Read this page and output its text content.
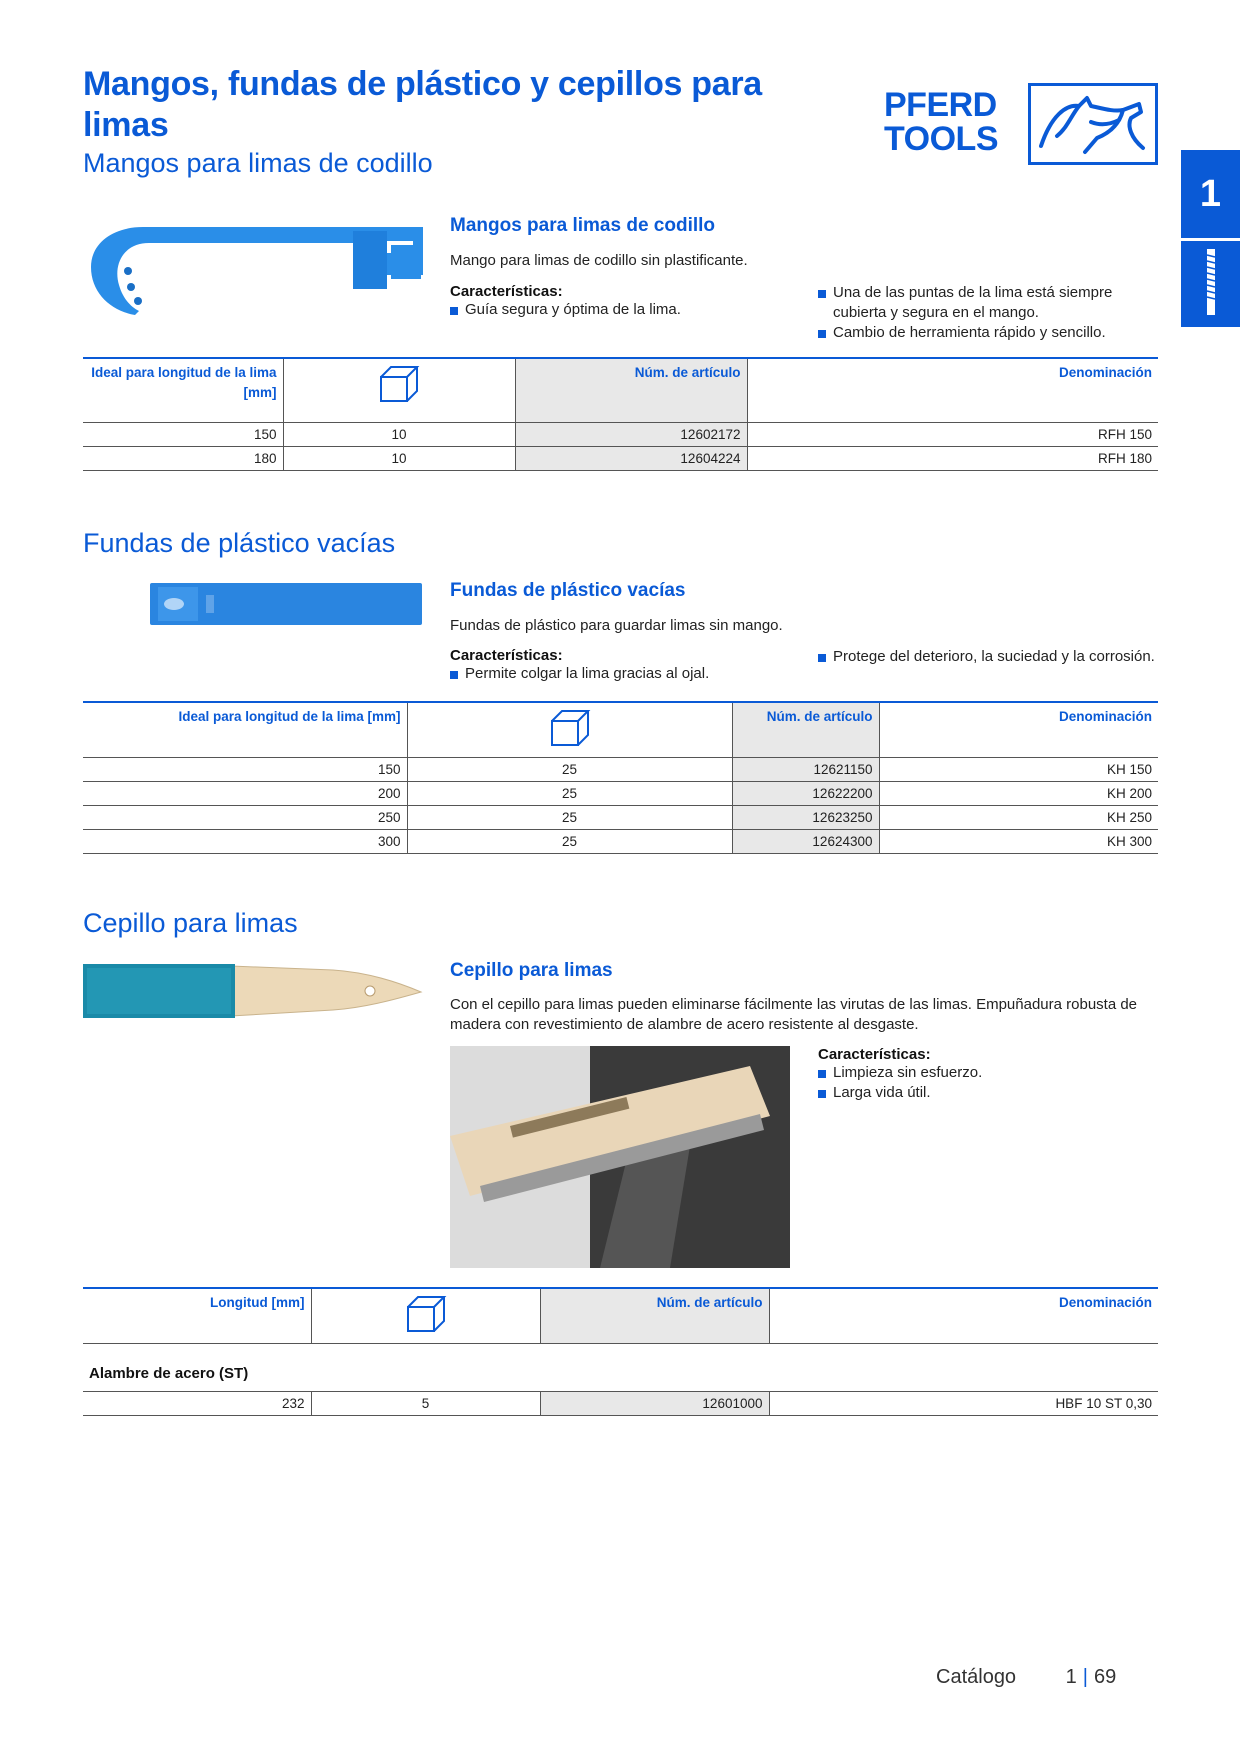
Mangos, fundas de plástico y cepillos para limas
Mangos para limas de codillo
PFERD
TOOLS
1
Mangos para limas de codillo
Mango para limas de codillo sin plastificante.
Características:
Guía segura y óptima de la lima.
Una de las puntas de la lima está siempre cubierta y segura en el mango.
Cambio de herramienta rápido y sencillo.
Ideal para longitud de la lima [mm]		Núm. de artículo	Denominación
150	10	12602172	RFH 150
180	10	12604224	RFH 180
Fundas de plástico vacías
Fundas de plástico vacías
Fundas de plástico para guardar limas sin mango.
Características:
Permite colgar la lima gracias al ojal.
Protege del deterioro, la suciedad y la corrosión.
Ideal para longitud de la lima [mm]		Núm. de artículo	Denominación
150	25	12621150	KH 150
200	25	12622200	KH 200
250	25	12623250	KH 250
300	25	12624300	KH 300
Cepillo para limas
Cepillo para limas
Con el cepillo para limas pueden eliminarse fácilmente las virutas de las limas. Empuñadura robusta de madera con revestimiento de alambre de acero resistente al desgaste.
Características:
Limpieza sin esfuerzo.
Larga vida útil.
Longitud [mm]		Núm. de artículo	Denominación
Alambre de acero (ST)			
232	5	12601000	HBF 10 ST 0,30
Catálogo 1 | 69
